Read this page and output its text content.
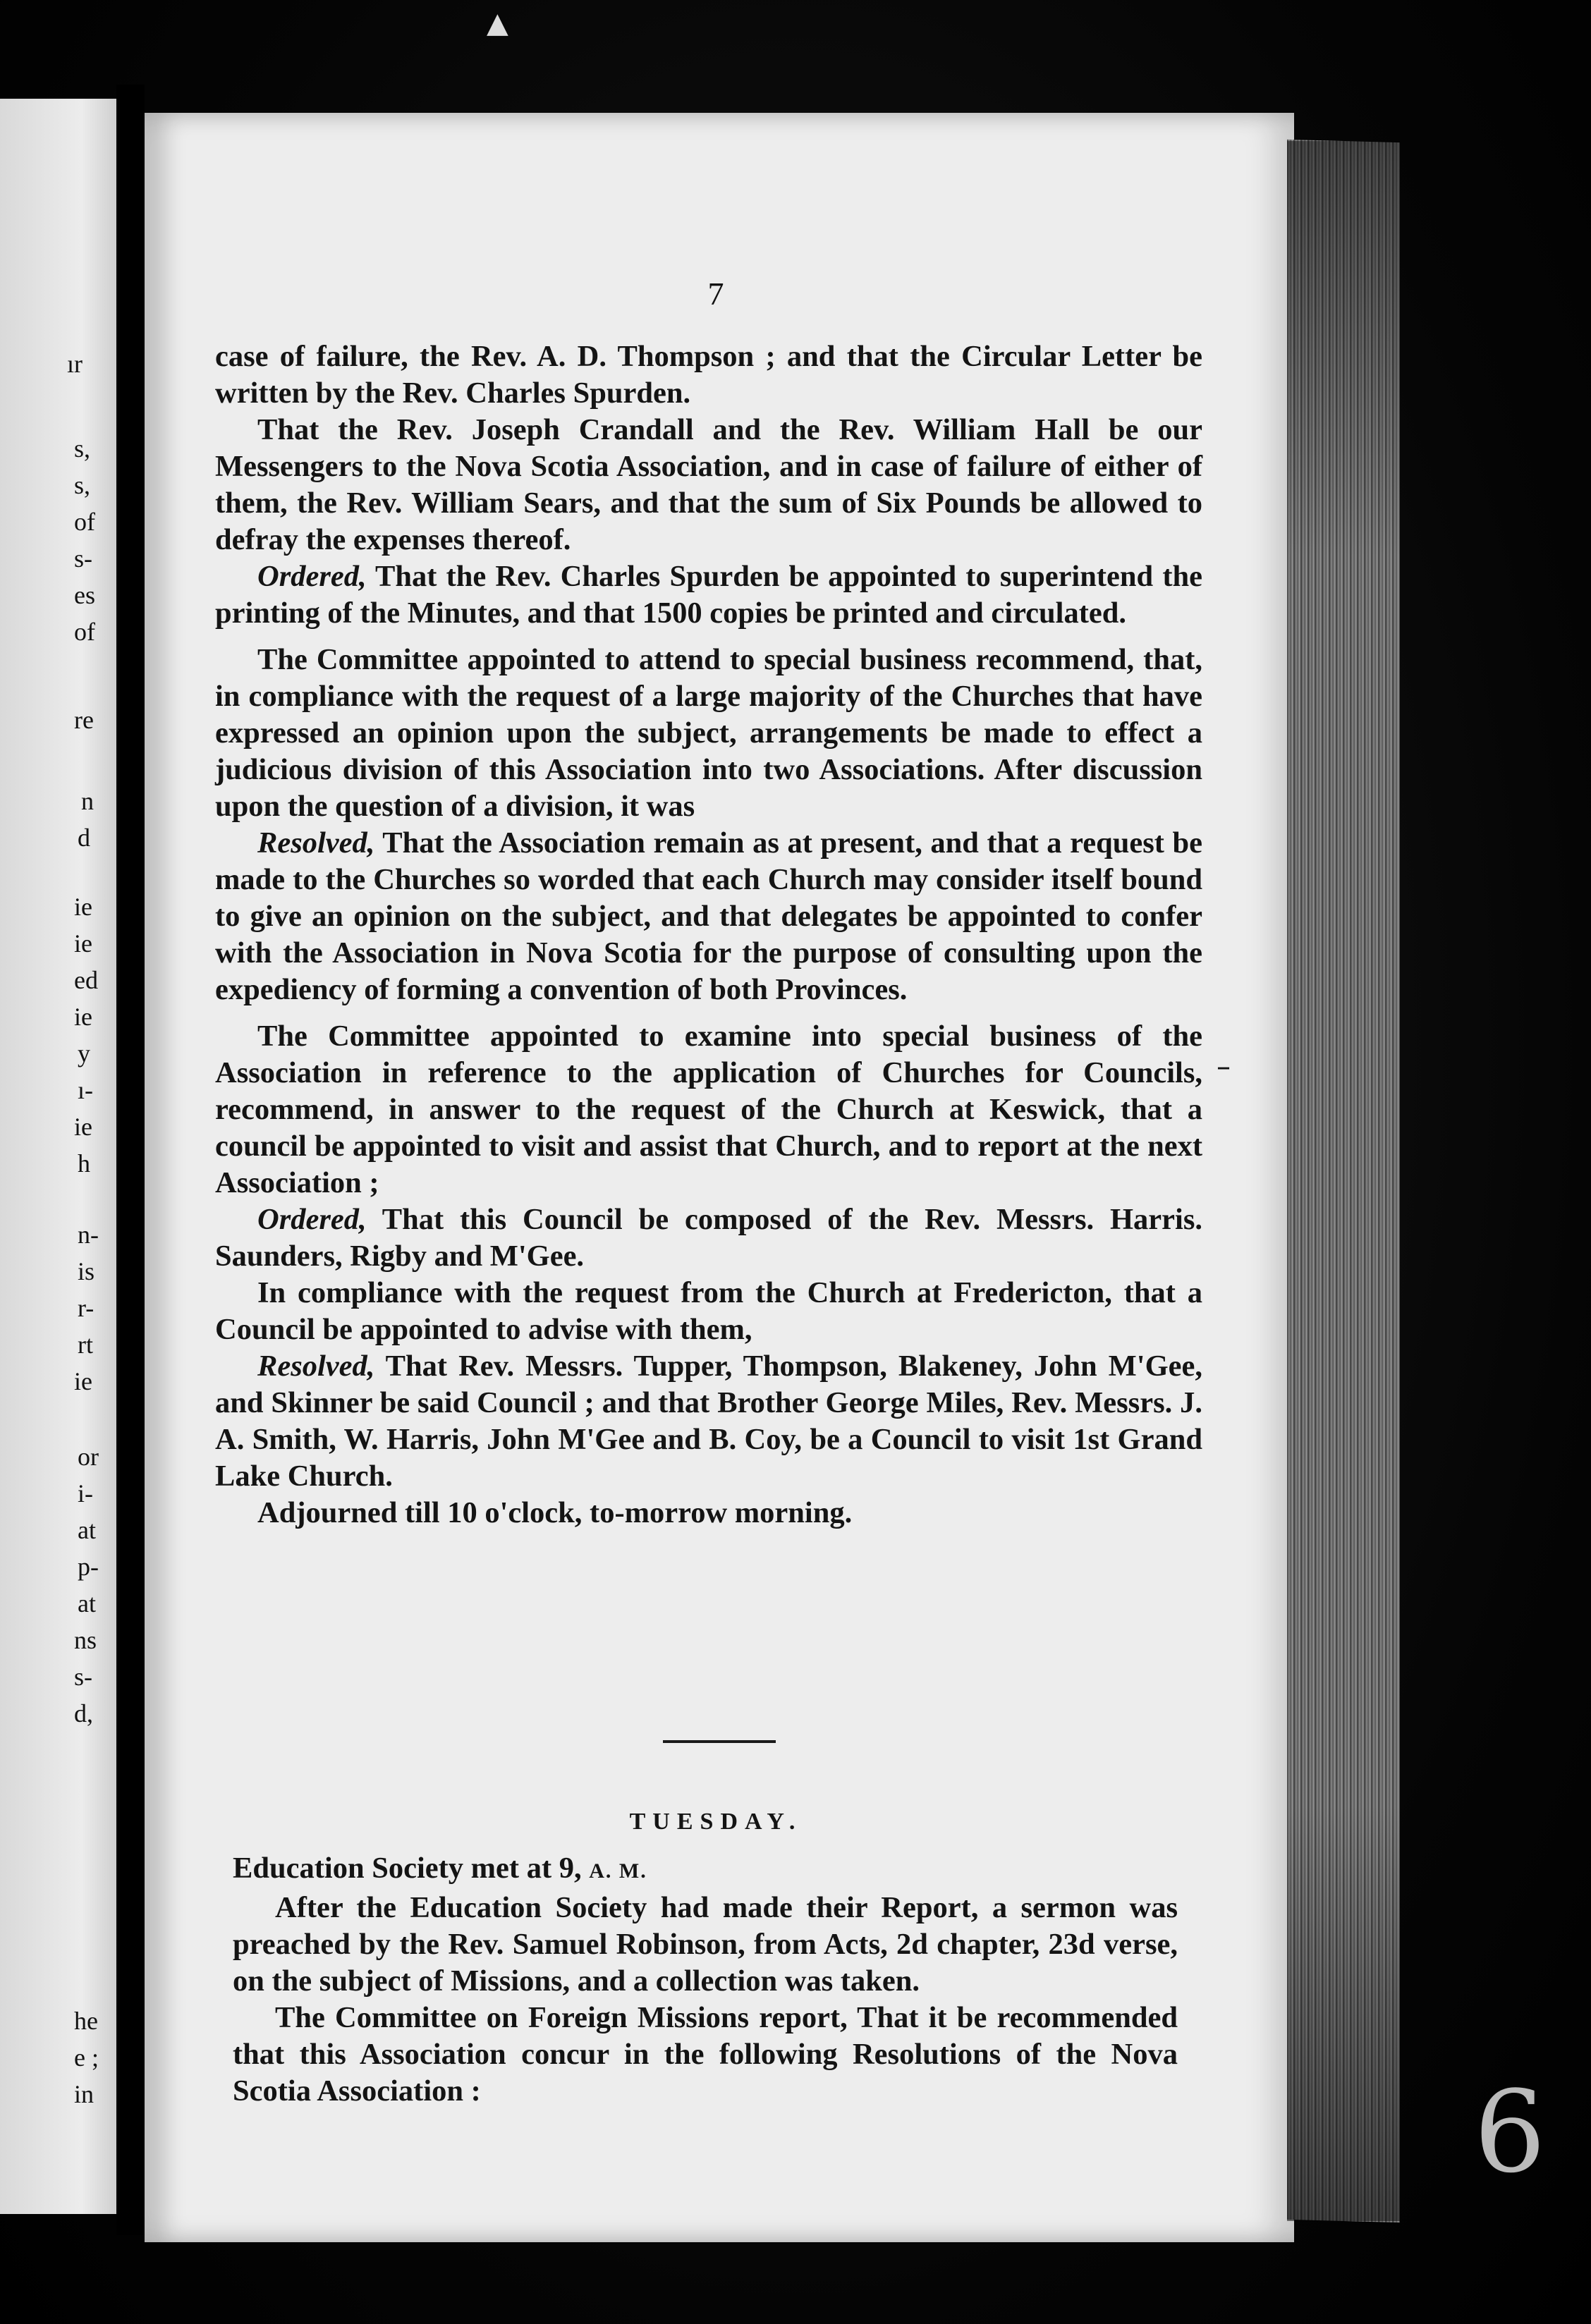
ır
s,
s,
of
s-
es
of
re
n
d
ie
ie
ed
ie
y
ı-
ie
h
n-
is
r-
rt
ie
or
i-
at
p-
at
ns
s-
d,
he
e ;
in
▲
–
6
7

case of failure, the Rev. A. D. Thompson ; and that the Circular Letter be written by the Rev. Charles Spurden.

That the Rev. Joseph Crandall and the Rev. William Hall be our Messengers to the Nova Scotia Association, and in case of failure of either of them, the Rev. William Sears, and that the sum of Six Pounds be allowed to defray the expenses thereof.

Ordered, That the Rev. Charles Spurden be appointed to superintend the printing of the Minutes, and that 1500 copies be printed and circulated.

The Committee appointed to attend to special business recommend, that, in compliance with the request of a large majority of the Churches that have expressed an opinion upon the subject, arrangements be made to effect a judicious division of this Association into two Associations. After discussion upon the question of a division, it was

Resolved, That the Association remain as at present, and that a request be made to the Churches so worded that each Church may consider itself bound to give an opinion on the subject, and that delegates be appointed to confer with the Association in Nova Scotia for the purpose of consulting upon the expediency of forming a convention of both Provinces.

The Committee appointed to examine into special business of the Association in reference to the application of Churches for Councils, recommend, in answer to the request of the Church at Keswick, that a council be appointed to visit and assist that Church, and to report at the next Association ;

Ordered, That this Council be composed of the Rev. Messrs. Harris. Saunders, Rigby and M'Gee.

In compliance with the request from the Church at Fredericton, that a Council be appointed to advise with them,

Resolved, That Rev. Messrs. Tupper, Thompson, Blakeney, John M'Gee, and Skinner be said Council ; and that Brother George Miles, Rev. Messrs. J. A. Smith, W. Harris, John M'Gee and B. Coy, be a Council to visit 1st Grand Lake Church.

Adjourned till 10 o'clock, to-morrow morning.

TUESDAY.

Education Society met at 9, A. M.

After the Education Society had made their Report, a sermon was preached by the Rev. Samuel Robinson, from Acts, 2d chapter, 23d verse, on the subject of Missions, and a collection was taken.

The Committee on Foreign Missions report, That it be recommended that this Association concur in the following Resolutions of the Nova Scotia Association :
